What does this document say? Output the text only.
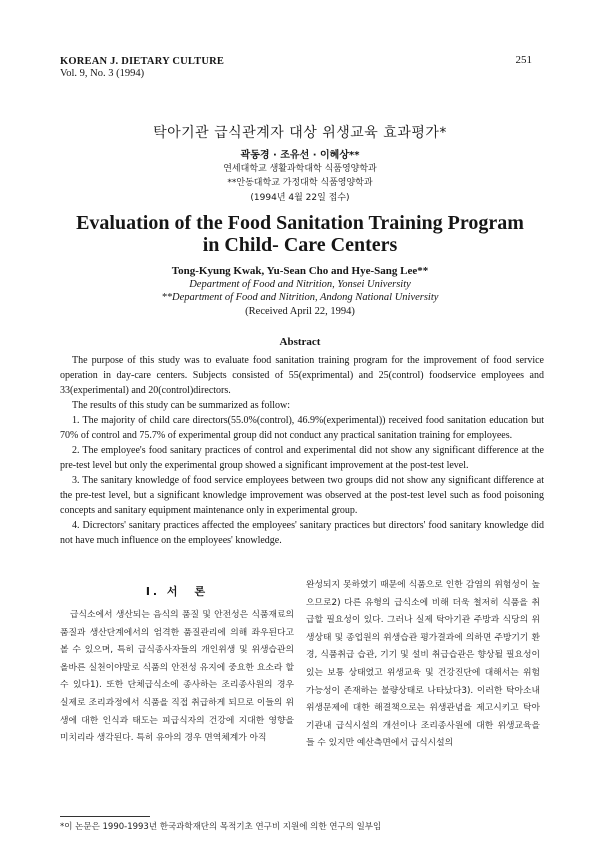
KOREAN J. DIETARY CULTURE
Vol. 9, No. 3 (1994)
251
탁아기관 급식관계자 대상 위생교육 효과평가*
곽동경 · 조유선 · 이혜상**
연세대학교 생활과학대학 식품영양학과
**안동대학교 가정대학 식품영양학과
(1994년 4월 22일 접수)
Evaluation of the Food Sanitation Training Program
in Child- Care Centers
Tong-Kyung Kwak, Yu-Sean Cho and Hye-Sang Lee**
Department of Food and Nitrition, Yonsei University
**Department of Food and Nitrition, Andong National University
(Received April 22, 1994)
Abstract

The purpose of this study was to evaluate food sanitation training program for the improvement of food service operation in day-care centers. Subjects consisted of 55(exprimental) and 25(control) foodservice employees and 33(experimental) and 20(control)directors.

The results of this study can be summarized as follow:

1. The majority of child care directors(55.0%(control), 46.9%(experimental)) received food sanitation education but 70% of control and 75.7% of experimental group did not conduct any practical sanitation training for employees.

2. The employee's food sanitary practices of control and experimental did not show any significant difference at the pre-test level but only the experimental group showed a significant improvement at the post-test level.

3. The sanitary knowledge of food service employees between two groups did not show any significant difference at the pre-test level, but a significant knowledge improvement was observed at the post-test level such as food poisoning concepts and sanitary equipment maintenance only in experimental group.

4. Dicrectors' sanitary practices affected the employees' sanitary practices but directors' food sanitary knowledge did not have much influence on the employees' knowledge.

I. 서　론

급식소에서 생산되는 음식의 품질 및 안전성은 식품재료의 품질과 생산단계에서의 엄격한 품질관리에 의해 좌우된다고 볼 수 있으며, 특히 급식종사자들의 개인위생 및 위생습관의 올바른 실천이야말로 식품의 안전성 유지에 중요한 요소라 할 수 있다1). 또한 단체급식소에 종사하는 조리종사원의 경우 실제로 조리과정에서 식품을 직접 취급하게 되므로 이들의 위생에 대한 인식과 태도는 피급식자의 건강에 지대한 영향을 미치리라 생각된다. 특히 유아의 경우 면역체계가 아직

완성되지 못하였기 때문에 식품으로 인한 감염의 위험성이 높으므로2) 다른 유형의 급식소에 비해 더욱 철저히 식품을 취급할 필요성이 있다. 그러나 실제 탁아기관 주방과 식당의 위생상태 및 종업원의 위생습관 평가결과에 의하면 주방기기 환경, 식품취급 습관, 기기 및 설비 취급습관은 향상될 필요성이 있는 보통 상태였고 위생교육 및 건강진단에 대해서는 위험 가능성이 존재하는 불량상태로 나타났다3). 이러한 탁아소내 위생문제에 대한 해결책으로는 위생관념을 제고시키고 탁아기관내 급식시설의 개선이나 조리종사원에 대한 위생교육을 들 수 있지만 예산측면에서 급식시설의

*이 논문은 1990-1993년 한국과학재단의 목적기초 연구비 지원에 의한 연구의 일부임
